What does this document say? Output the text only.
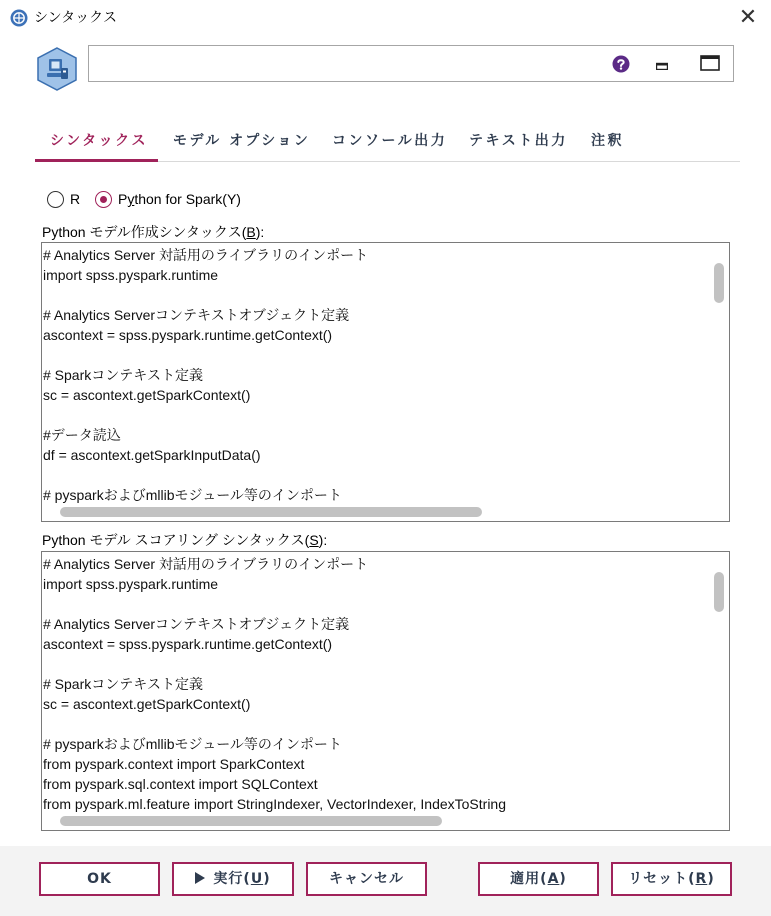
シンタックス	✕
シンタックス モデル オプション コンソール出力 テキスト出力 注釈
R	Python for Spark(Y)
Python モデル作成シンタックス(B):
# Analytics Server 対話用のライブラリのインポート
import spss.pyspark.runtime

# Analytics Serverコンテキストオブジェクト定義
ascontext = spss.pyspark.runtime.getContext()

# Sparkコンテキスト定義
sc = ascontext.getSparkContext()

#データ読込
df = ascontext.getSparkInputData()

# pysparkおよびmllibモジュール等のインポート
Python モデル スコアリング シンタックス(S):
# Analytics Server 対話用のライブラリのインポート
import spss.pyspark.runtime

# Analytics Serverコンテキストオブジェクト定義
ascontext = spss.pyspark.runtime.getContext()

# Sparkコンテキスト定義
sc = ascontext.getSparkContext()

# pysparkおよびmllibモジュール等のインポート
from pyspark.context import SparkContext
from pyspark.sql.context import SQLContext
from pyspark.ml.feature import StringIndexer, VectorIndexer, IndexToString
OK	実行(U)	キャンセル	適用(A)	リセット(R)
